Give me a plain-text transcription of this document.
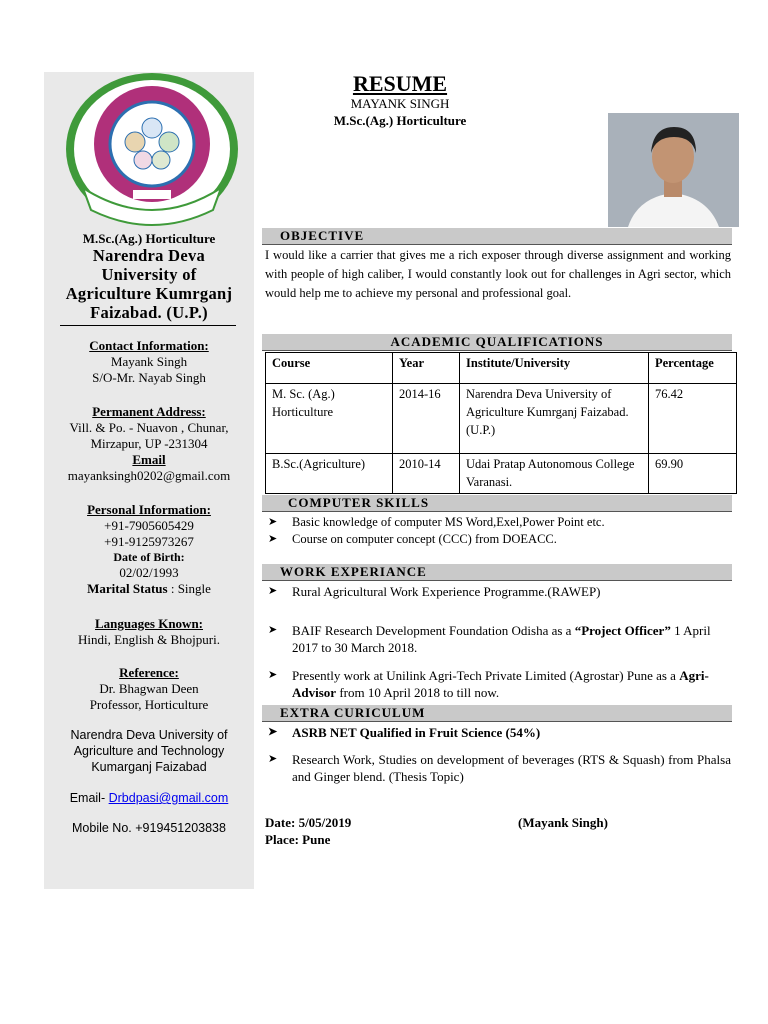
M.Sc.(Ag.) Horticulture

Narendra Deva
University of
Agriculture Kumrganj
Faizabad. (U.P.)
Contact Information:
Mayank Singh
S/O-Mr. Nayab Singh
Permanent Address:
Vill. & Po. - Nuavon , Chunar,
Mirzapur, UP -231304
Email
mayanksingh0202@gmail.com
Personal Information:
+91-7905605429
+91-9125973267
Date of Birth:
02/02/1993
Marital Status : Single
Languages Known:
Hindi, English & Bhojpuri.
Reference:
Dr. Bhagwan Deen
Professor, Horticulture
Narendra Deva University of
Agriculture and Technology
Kumarganj Faizabad
Email- Drbdpasi@gmail.com
Mobile No. +919451203838

RESUME

MAYANK SINGH

M.Sc.(Ag.) Horticulture

OBJECTIVE

I would like a carrier that gives me a rich exposer through diverse assignment and working with people of high caliber, I would constantly look out for challenges in Agri sector, which would help me to achieve my personal and professional goal.

ACADEMIC QUALIFICATIONS
Course	Year	Institute/University	Percentage
M. Sc. (Ag.) Horticulture	2014-16	Narendra Deva University of Agriculture Kumrganj Faizabad. (U.P.)	76.42
B.Sc.(Agriculture)	2010-14	Udai Pratap Autonomous College Varanasi.	69.90
COMPUTER SKILLS
➤ Basic knowledge of computer MS Word,Exel,Power Point etc.
➤ Course on computer concept (CCC) from DOEACC.
WORK EXPERIANCE
➤ Rural Agricultural Work Experience Programme.(RAWEP)
➤ BAIF Research Development Foundation Odisha as a “Project Officer” 1 April 2017 to 30 March 2018.
➤ Presently work at Unilink Agri-Tech Private Limited (Agrostar) Pune as a Agri- Advisor from 10 April 2018 to till now.
EXTRA CURICULUM
➤ ASRB NET Qualified in Fruit Science (54%)
➤ Research Work, Studies on development of beverages (RTS & Squash) from Phalsa and Ginger blend. (Thesis Topic)

Date: 5/05/2019

Place: Pune

(Mayank Singh)
